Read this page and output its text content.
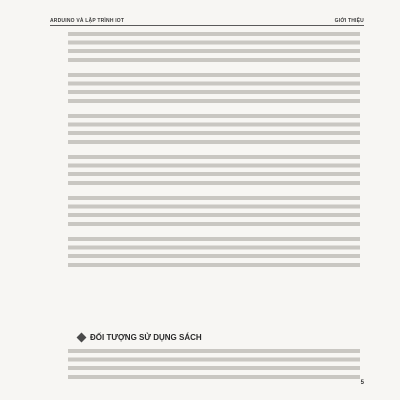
ARDUINO VÀ LẬP TRÌNH IOT	GIỚI THIỆU

ĐỐI TƯỢNG SỬ DỤNG SÁCH

5
